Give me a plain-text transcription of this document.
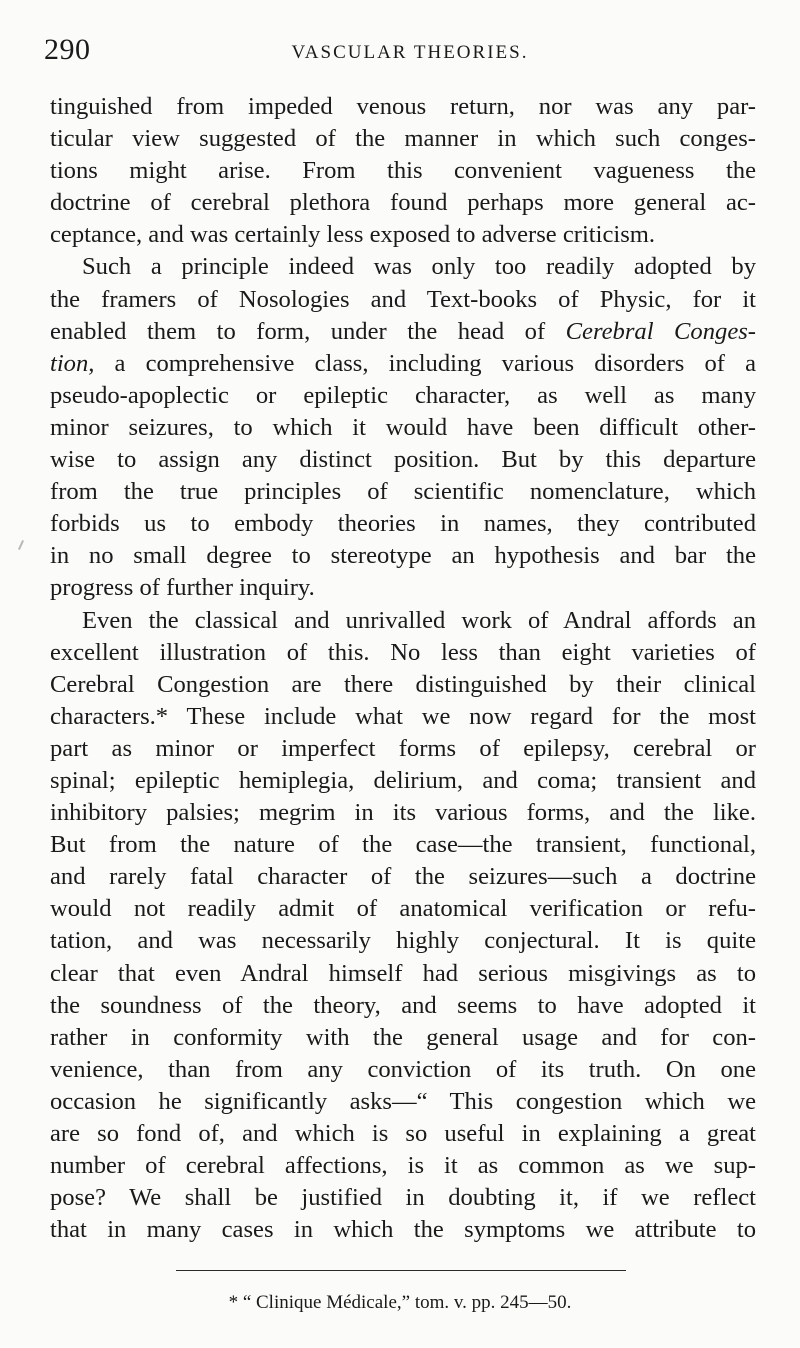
290	VASCULAR THEORIES.
tinguished from impeded venous return, nor was any par-
ticular view suggested of the manner in which such conges-
tions might arise. From this convenient vagueness the
doctrine of cerebral plethora found perhaps more general ac-
ceptance, and was certainly less exposed to adverse criticism.
Such a principle indeed was only too readily adopted by
the framers of Nosologies and Text-books of Physic, for it
enabled them to form, under the head of Cerebral Conges-
tion, a comprehensive class, including various disorders of a
pseudo-apoplectic or epileptic character, as well as many
minor seizures, to which it would have been difficult other-
wise to assign any distinct position. But by this departure
from the true principles of scientific nomenclature, which
forbids us to embody theories in names, they contributed
in no small degree to stereotype an hypothesis and bar the
progress of further inquiry.
Even the classical and unrivalled work of Andral affords an
excellent illustration of this. No less than eight varieties of
Cerebral Congestion are there distinguished by their clinical
characters.* These include what we now regard for the most
part as minor or imperfect forms of epilepsy, cerebral or
spinal; epileptic hemiplegia, delirium, and coma; transient and
inhibitory palsies; megrim in its various forms, and the like.
But from the nature of the case—the transient, functional,
and rarely fatal character of the seizures—such a doctrine
would not readily admit of anatomical verification or refu-
tation, and was necessarily highly conjectural. It is quite
clear that even Andral himself had serious misgivings as to
the soundness of the theory, and seems to have adopted it
rather in conformity with the general usage and for con-
venience, than from any conviction of its truth. On one
occasion he significantly asks—“ This congestion which we
are so fond of, and which is so useful in explaining a great
number of cerebral affections, is it as common as we sup-
pose? We shall be justified in doubting it, if we reflect
that in many cases in which the symptoms we attribute to
* “ Clinique Médicale,” tom. v. pp. 245—50.
